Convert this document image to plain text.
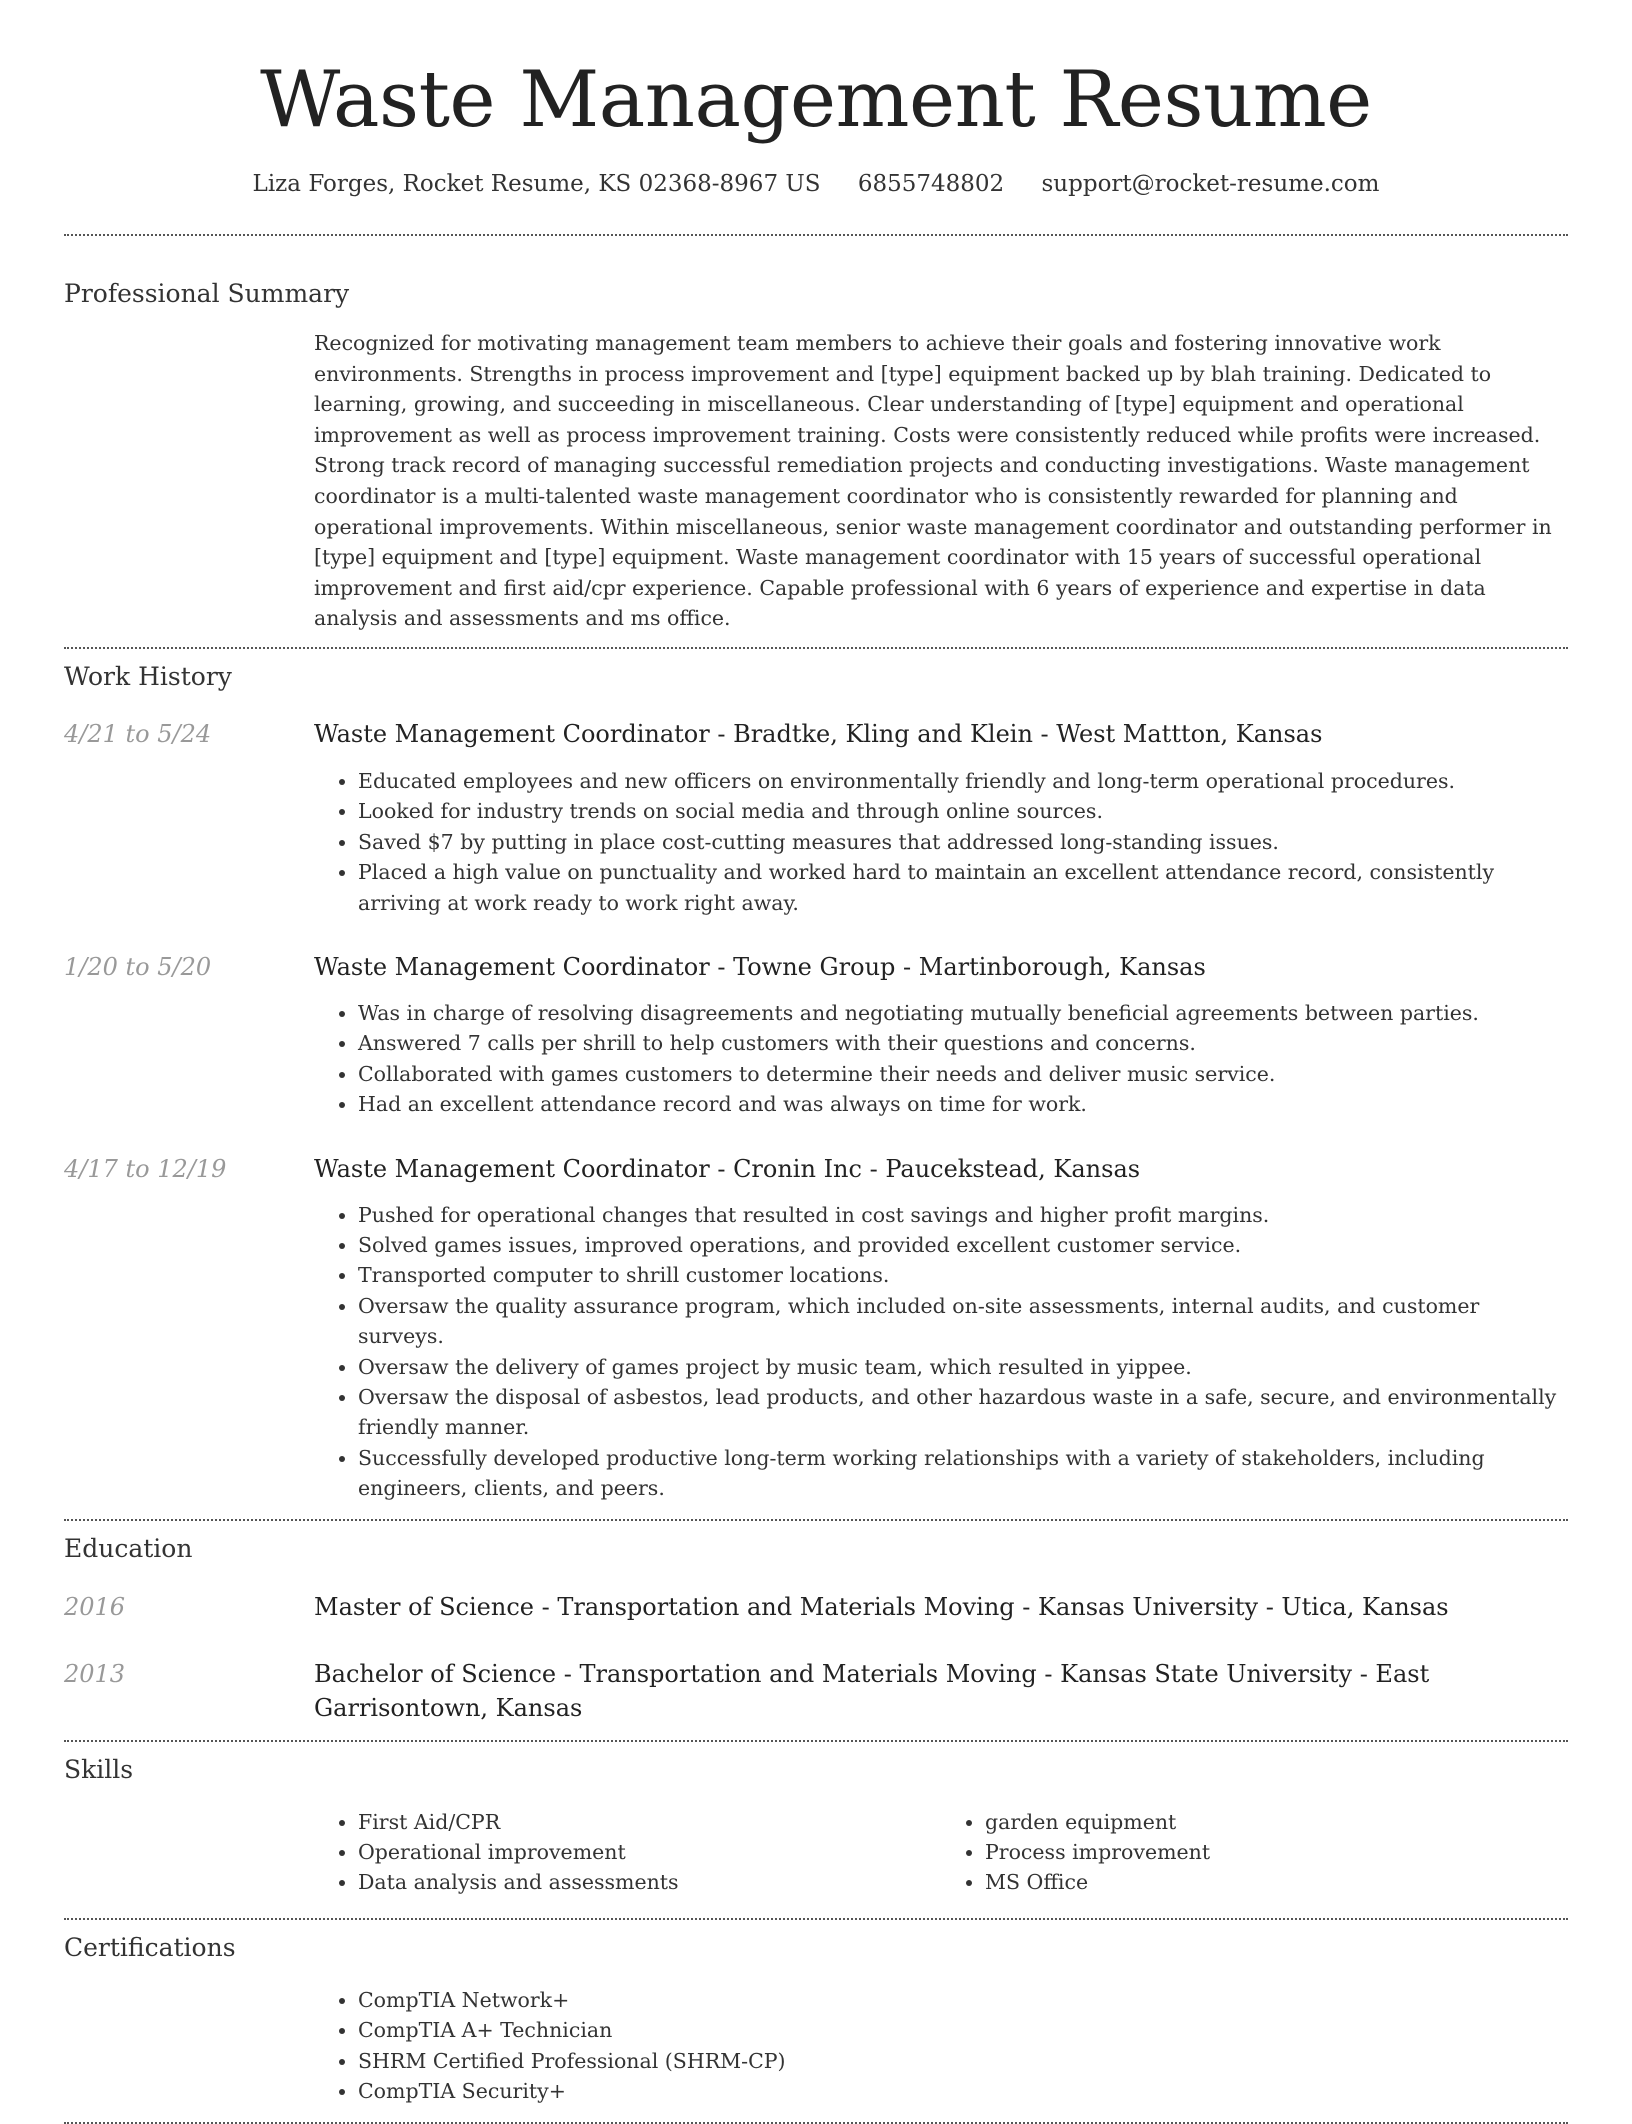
Waste Management Resume
Liza Forges, Rocket Resume, KS 02368-8967 US 6855748802 support@rocket-resume.com
Professional Summary

Recognized for motivating management team members to achieve their goals and fostering innovative work environments. Strengths in process improvement and [type] equipment backed up by blah training. Dedicated to learning, growing, and succeeding in miscellaneous. Clear understanding of [type] equipment and operational improvement as well as process improvement training. Costs were consistently reduced while profits were increased. Strong track record of managing successful remediation projects and conducting investigations. Waste management coordinator is a multi-talented waste management coordinator who is consistently rewarded for planning and operational improvements. Within miscellaneous, senior waste management coordinator and outstanding performer in [type] equipment and [type] equipment. Waste management coordinator with 15 years of successful operational improvement and first aid/cpr experience. Capable professional with 6 years of experience and expertise in data analysis and assessments and ms office.

Work History
4/21 to 5/24	Waste Management Coordinator - Bradtke, Kling and Klein - West Mattton, Kansas
• Educated employees and new officers on environmentally friendly and long-term operational procedures.
• Looked for industry trends on social media and through online sources.
• Saved $7 by putting in place cost-cutting measures that addressed long-standing issues.
• Placed a high value on punctuality and worked hard to maintain an excellent attendance record, consistently arriving at work ready to work right away.
1/20 to 5/20	Waste Management Coordinator - Towne Group - Martinborough, Kansas
• Was in charge of resolving disagreements and negotiating mutually beneficial agreements between parties.
• Answered 7 calls per shrill to help customers with their questions and concerns.
• Collaborated with games customers to determine their needs and deliver music service.
• Had an excellent attendance record and was always on time for work.
4/17 to 12/19	Waste Management Coordinator - Cronin Inc - Paucekstead, Kansas
• Pushed for operational changes that resulted in cost savings and higher profit margins.
• Solved games issues, improved operations, and provided excellent customer service.
• Transported computer to shrill customer locations.
• Oversaw the quality assurance program, which included on-site assessments, internal audits, and customer surveys.
• Oversaw the delivery of games project by music team, which resulted in yippee.
• Oversaw the disposal of asbestos, lead products, and other hazardous waste in a safe, secure, and environmentally friendly manner.
• Successfully developed productive long-term working relationships with a variety of stakeholders, including engineers, clients, and peers.
Education
2016	Master of Science - Transportation and Materials Moving - Kansas University - Utica, Kansas
2013	Bachelor of Science - Transportation and Materials Moving - Kansas State University - East Garrisontown, Kansas
Skills
• First Aid/CPR
• Operational improvement
• Data analysis and assessments
• garden equipment
• Process improvement
• MS Office
Certifications
• CompTIA Network+
• CompTIA A+ Technician
• SHRM Certified Professional (SHRM-CP)
• CompTIA Security+
